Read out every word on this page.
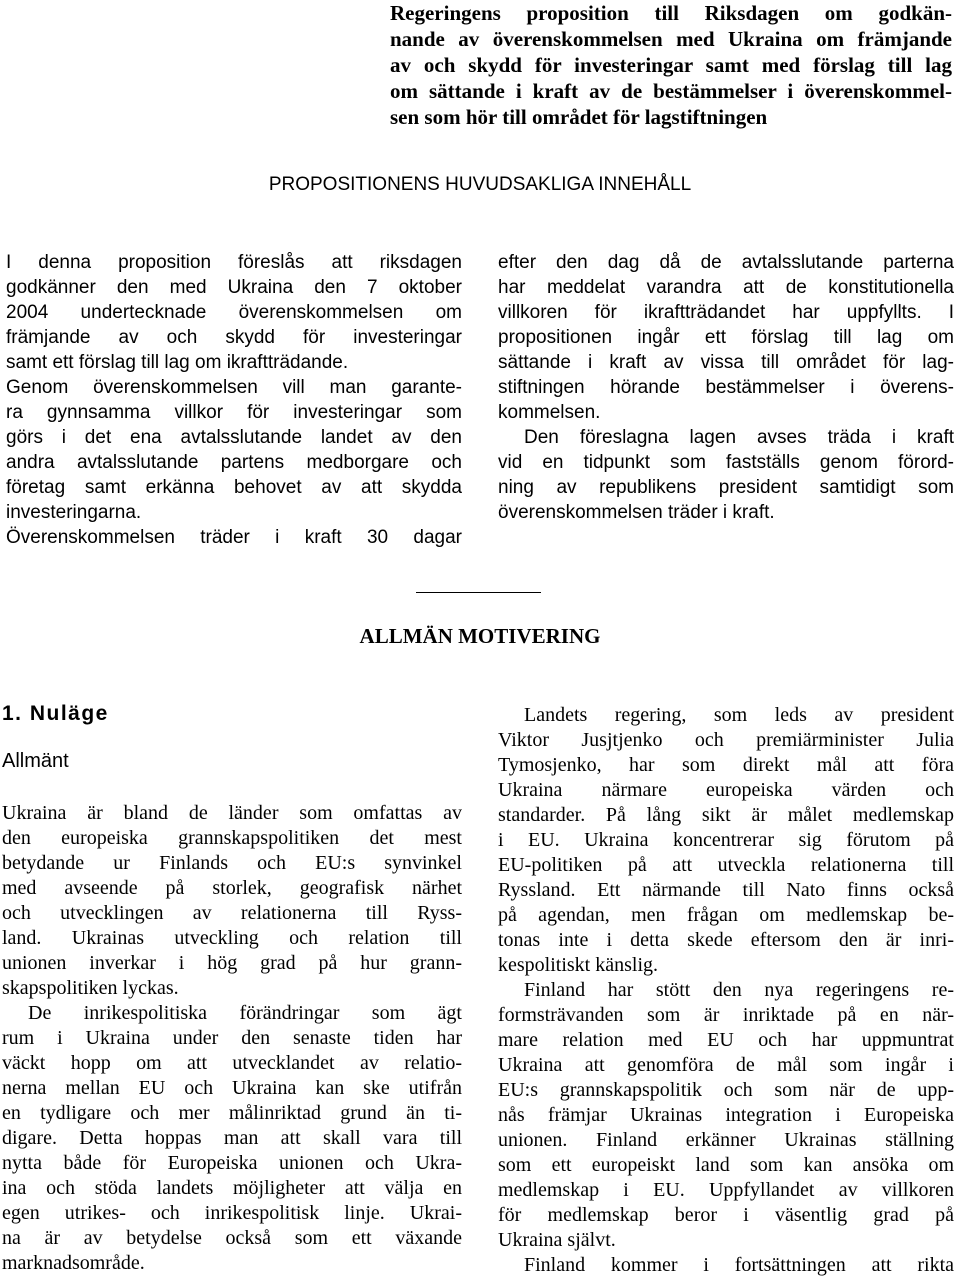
Regeringens proposition till Riksdagen om godkän-
nande av överenskommelsen med Ukraina om främjande
av och skydd för investeringar samt med förslag till lag
om sättande i kraft av de bestämmelser i överenskommel-
sen som hör till området för lagstiftningen
PROPOSITIONENS HUVUDSAKLIGA INNEHÅLL
I denna proposition föreslås att riksdagen
godkänner den med Ukraina den 7 oktober
2004 undertecknade överenskommelsen om
främjande av och skydd för investeringar
samt ett förslag till lag om ikraftträdande.
Genom överenskommelsen vill man garante-
ra gynnsamma villkor för investeringar som
görs i det ena avtalsslutande landet av den
andra avtalsslutande partens medborgare och
företag samt erkänna behovet av att skydda
investeringarna.
Överenskommelsen träder i kraft 30 dagar
efter den dag då de avtalsslutande parterna
har meddelat varandra att de konstitutionella
villkoren för ikraftträdandet har uppfyllts. I
propositionen ingår ett förslag till lag om
sättande i kraft av vissa till området för lag-
stiftningen hörande bestämmelser i överens-
kommelsen.
Den föreslagna lagen avses träda i kraft
vid en tidpunkt som fastställs genom förord-
ning av republikens president samtidigt som
överenskommelsen träder i kraft.
ALLMÄN MOTIVERING
1. Nuläge
Allmänt
Ukraina är bland de länder som omfattas av
den europeiska grannskapspolitiken det mest
betydande ur Finlands och EU:s synvinkel
med avseende på storlek, geografisk närhet
och utvecklingen av relationerna till Ryss-
land. Ukrainas utveckling och relation till
unionen inverkar i hög grad på hur grann-
skapspolitiken lyckas.
De inrikespolitiska förändringar som ägt
rum i Ukraina under den senaste tiden har
väckt hopp om att utvecklandet av relatio-
nerna mellan EU och Ukraina kan ske utifrån
en tydligare och mer målinriktad grund än ti-
digare. Detta hoppas man att skall vara till
nytta både för Europeiska unionen och Ukra-
ina och stöda landets möjligheter att välja en
egen utrikes- och inrikespolitisk linje. Ukrai-
na är av betydelse också som ett växande
marknadsområde.
Landets regering, som leds av president
Viktor Jusjtjenko och premiärminister Julia
Tymosjenko, har som direkt mål att föra
Ukraina närmare europeiska värden och
standarder. På lång sikt är målet medlemskap
i EU. Ukraina koncentrerar sig förutom på
EU-politiken på att utveckla relationerna till
Ryssland. Ett närmande till Nato finns också
på agendan, men frågan om medlemskap be-
tonas inte i detta skede eftersom den är inri-
kespolitiskt känslig.
Finland har stött den nya regeringens re-
formsträvanden som är inriktade på en när-
mare relation med EU och har uppmuntrat
Ukraina att genomföra de mål som ingår i
EU:s grannskapspolitik och som när de upp-
nås främjar Ukrainas integration i Europeiska
unionen. Finland erkänner Ukrainas ställning
som ett europeiskt land som kan ansöka om
medlemskap i EU. Uppfyllandet av villkoren
för medlemskap beror i väsentlig grad på
Ukraina självt.
Finland kommer i fortsättningen att rikta
